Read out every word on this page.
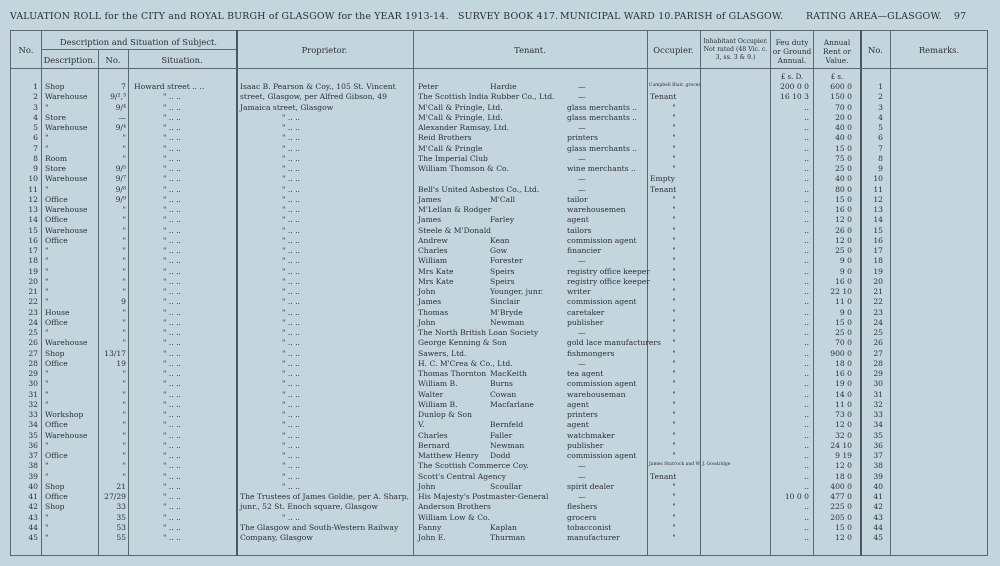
VALUATION ROLL for the CITY and ROYAL BURGH of GLASGOW for the YEAR 1913-14. SURVEY BOOK 417. MUNICIPAL WARD 10. PARISH of GLASGOW. RATING AREA—GLASGOW. 97
No.
Description and Situation of Subject.
Description.	No.	Situation.
Proprietor.	Tenant.	Occupier.
Inhabitant Occupier. Not rated (48 Vic. c. 3, ss. 3 & 9.)
Feu duty or Ground Annual.
Annual Rent or Value.
No.	Remarks.
£ s. D.	£ s.
1 Shop	7 Howard street .. ..	Isaac B. Pearson & Coy., 105 St. Vincent	Peter	Hardie	—	Campbell Blair, grocer	200 0 0	600 0	1
2 Warehouse	9/²,³	" .. ..	street, Glasgow, per Alfred Gibson, 49	The Scottish India Rubber Co., Ltd.	—	Tenant	16 10 3	150 0	2
3 "	9/⁴	" .. ..	Jamaica street, Glasgow	M'Call & Pringle, Ltd.	glass merchants ..	"	..	70 0	3
4 Store	—	" .. ..	" .. ..	M'Call & Pringle, Ltd.	glass merchants ..	"	..	20 0	4
5 Warehouse	9/⁴	" .. ..	" .. ..	Alexander Ramsay, Ltd.	—	"	..	40 0	5
6 "	"	" .. ..	" .. ..	Reid Brothers	printers	"	..	40 0	6
7 "	"	" .. ..	" .. ..	M'Call & Pringle	glass merchants ..	"	..	15 0	7
8 Room	"	" .. ..	" .. ..	The Imperial Club	—	"	..	75 0	8
9 Store	9/⁵	" .. ..	" .. ..	William Thomson & Co.	wine merchants ..	"	..	25 0	9
10 Warehouse	9/⁷	" .. ..	" .. ..	—	Empty	..	40 0	10
11 "	9/⁸	" .. ..	" .. ..	Bell's United Asbestos Co., Ltd.	—	Tenant	..	80 0	11
12 Office	9/⁹	" .. ..	" .. ..	James	M'Call	tailor	"	..	15 0	12
13 Warehouse	"	" .. ..	" .. ..	M'Lellan & Rodger	warehousemen	"	..	16 0	13
14 Office	"	" .. ..	" .. ..	James	Farley	agent	"	..	12 0	14
15 Warehouse	"	" .. ..	" .. ..	Steele & M'Donald	tailors	"	..	26 0	15
16 Office	"	" .. ..	" .. ..	Andrew	Kean	commission agent	"	..	12 0	16
17 "	"	" .. ..	" .. ..	Charles	Gow	financier	"	..	25 0	17
18 "	"	" .. ..	" .. ..	William	Forester	—	"	..	9 0	18
19 "	"	" .. ..	" .. ..	Mrs Kate	Speirs	registry office keeper	"	..	9 0	19
20 "	"	" .. ..	" .. ..	Mrs Kate	Speirs	registry office keeper	"	..	16 0	20
21 "	"	" .. ..	" .. ..	John	Younger, junr.	writer	"	..	22 10	21
22 "	9	" .. ..	" .. ..	James	Sinclair	commission agent	"	..	11 0	22
23 House	"	" .. ..	" .. ..	Thomas	M'Bryde	caretaker	"	..	9 0	23
24 Office	"	" .. ..	" .. ..	John	Newman	publisher	"	..	15 0	24
25 "	"	" .. ..	" .. ..	The North British Loan Society	—	"	..	25 0	25
26 Warehouse	"	" .. ..	" .. ..	George Kenning & Son	gold lace manufacturers	"	..	70 0	26
27 Shop	13/17	" .. ..	" .. ..	Sawers, Ltd.	fishmongers	"	..	900 0	27
28 Office	19	" .. ..	" .. ..	H. C. M'Crea & Co., Ltd.	—	"	..	18 0	28
29 "	"	" .. ..	" .. ..	Thomas Thornton MacKeith	tea agent	"	..	16 0	29
30 "	"	" .. ..	" .. ..	William B.	Burns	commission agent	"	..	19 0	30
31 "	"	" .. ..	" .. ..	Walter	Cowan	warehouseman	"	..	14 0	31
32 "	"	" .. ..	" .. ..	William B.	Macfarlane	agent	"	..	11 0	32
33 Workshop	"	" .. ..	" .. ..	Dunlop & Son	printers	"	..	73 0	33
34 Office	"	" .. ..	" .. ..	V.	Bernfeld	agent	"	..	12 0	34
35 Warehouse	"	" .. ..	" .. ..	Charles	Faller	watchmaker	"	..	32 0	35
36 "	"	" .. ..	" .. ..	Bernard	Newman	publisher	"	..	24 10	36
37 Office	"	" .. ..	" .. ..	Matthew Henry	Dodd	commission agent	"	..	9 19	37
38 "	"	" .. ..	" .. ..	The Scottish Commerce Coy.	—	James Sturrock and W. J. Goodridge	..	12 0	38
39 "	"	" .. ..	" .. ..	Scott's Central Agency	—	Tenant	..	18 0	39
40 Shop	21	" .. ..	" .. ..	John	Scoullar	spirit dealer	"	..	400 0	40
41 Office	27/29	" .. ..	The Trustees of James Goldie, per A. Sharp,	His Majesty's Postmaster-General	—	"	10 0 0	477 0	41
42 Shop	33	" .. ..	junr., 52 St. Enoch square, Glasgow	Anderson Brothers	fleshers	"	..	225 0	42
43 "	35	" .. ..	" .. ..	William Low & Co.	grocers	"	..	205 0	43
44 "	53	" .. ..	The Glasgow and South-Western Railway	Fanny	Kaplan	tobacconist	"	..	15 0	44
45 "	55	" .. ..	Company, Glasgow	John E.	Thurman	manufacturer	"	..	12 0	45
